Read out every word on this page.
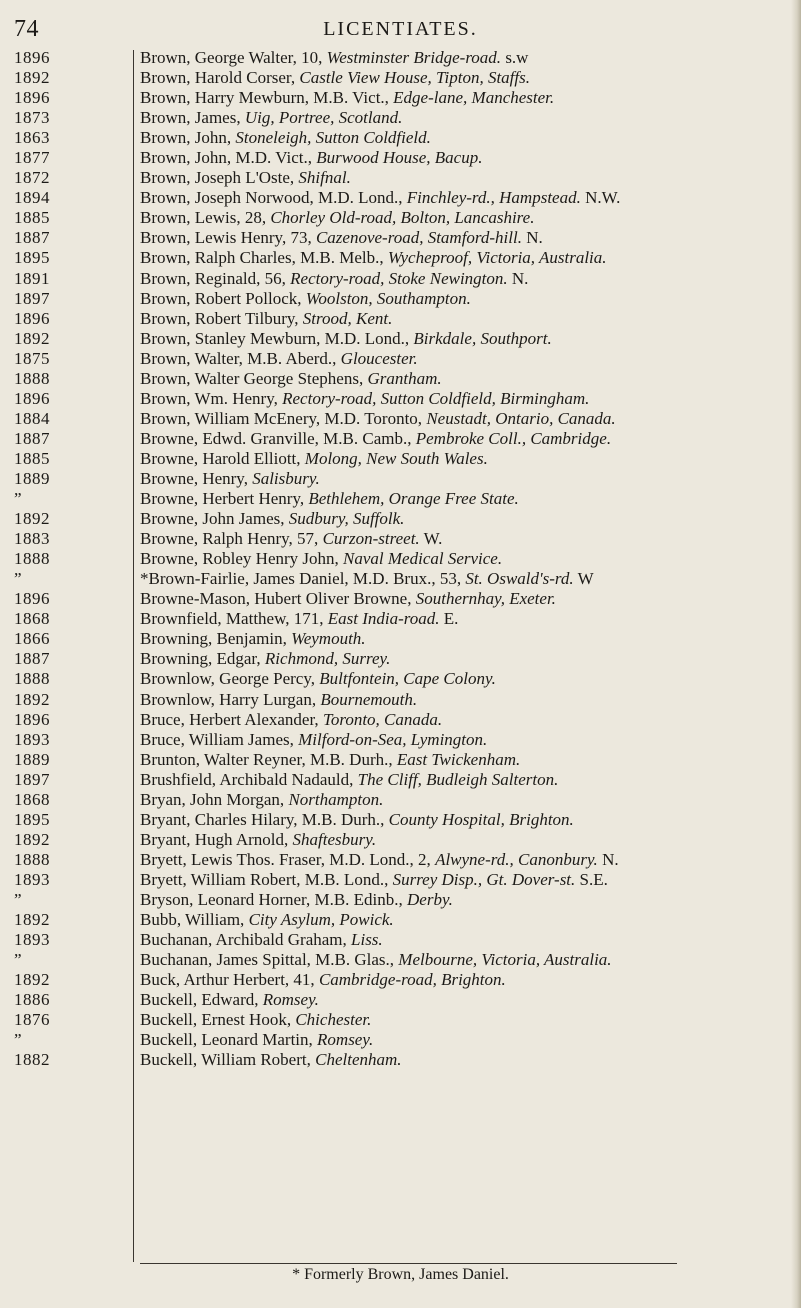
74	LICENTIATES.
1896
1892
1896
1873
1863
1877
1872
1894
1885
1887
1895
1891
1897
1896
1892
1875
1888
1896
1884
1887
1885
1889
”
1892
1883
1888
”
1896
1868
1866
1887
1888
1892
1896
1893
1889
1897
1868
1895
1892
1888
1893
”
1892
1893
”
1892
1886
1876
”
1882
Brown, George Walter, 10, Westminster Bridge-road. s.w
Brown, Harold Corser, Castle View House, Tipton, Staffs.
Brown, Harry Mewburn, M.B. Vict., Edge-lane, Manchester.
Brown, James, Uig, Portree, Scotland.
Brown, John, Stoneleigh, Sutton Coldfield.
Brown, John, M.D. Vict., Burwood House, Bacup.
Brown, Joseph L'Oste, Shifnal.
Brown, Joseph Norwood, M.D. Lond., Finchley-rd., Hampstead. N.W.
Brown, Lewis, 28, Chorley Old-road, Bolton, Lancashire.
Brown, Lewis Henry, 73, Cazenove-road, Stamford-hill. N.
Brown, Ralph Charles, M.B. Melb., Wycheproof, Victoria, Australia.
Brown, Reginald, 56, Rectory-road, Stoke Newington. N.
Brown, Robert Pollock, Woolston, Southampton.
Brown, Robert Tilbury, Strood, Kent.
Brown, Stanley Mewburn, M.D. Lond., Birkdale, Southport.
Brown, Walter, M.B. Aberd., Gloucester.
Brown, Walter George Stephens, Grantham.
Brown, Wm. Henry, Rectory-road, Sutton Coldfield, Birmingham.
Brown, William McEnery, M.D. Toronto, Neustadt, Ontario, Canada.
Browne, Edwd. Granville, M.B. Camb., Pembroke Coll., Cambridge.
Browne, Harold Elliott, Molong, New South Wales.
Browne, Henry, Salisbury.
Browne, Herbert Henry, Bethlehem, Orange Free State.
Browne, John James, Sudbury, Suffolk.
Browne, Ralph Henry, 57, Curzon-street. W.
Browne, Robley Henry John, Naval Medical Service.
*Brown-Fairlie, James Daniel, M.D. Brux., 53, St. Oswald's-rd. W
Browne-Mason, Hubert Oliver Browne, Southernhay, Exeter.
Brownfield, Matthew, 171, East India-road. E.
Browning, Benjamin, Weymouth.
Browning, Edgar, Richmond, Surrey.
Brownlow, George Percy, Bultfontein, Cape Colony.
Brownlow, Harry Lurgan, Bournemouth.
Bruce, Herbert Alexander, Toronto, Canada.
Bruce, William James, Milford-on-Sea, Lymington.
Brunton, Walter Reyner, M.B. Durh., East Twickenham.
Brushfield, Archibald Nadauld, The Cliff, Budleigh Salterton.
Bryan, John Morgan, Northampton.
Bryant, Charles Hilary, M.B. Durh., County Hospital, Brighton.
Bryant, Hugh Arnold, Shaftesbury.
Bryett, Lewis Thos. Fraser, M.D. Lond., 2, Alwyne-rd., Canonbury. N.
Bryett, William Robert, M.B. Lond., Surrey Disp., Gt. Dover-st. S.E.
Bryson, Leonard Horner, M.B. Edinb., Derby.
Bubb, William, City Asylum, Powick.
Buchanan, Archibald Graham, Liss.
Buchanan, James Spittal, M.B. Glas., Melbourne, Victoria, Australia.
Buck, Arthur Herbert, 41, Cambridge-road, Brighton.
Buckell, Edward, Romsey.
Buckell, Ernest Hook, Chichester.
Buckell, Leonard Martin, Romsey.
Buckell, William Robert, Cheltenham.
* Formerly Brown, James Daniel.
